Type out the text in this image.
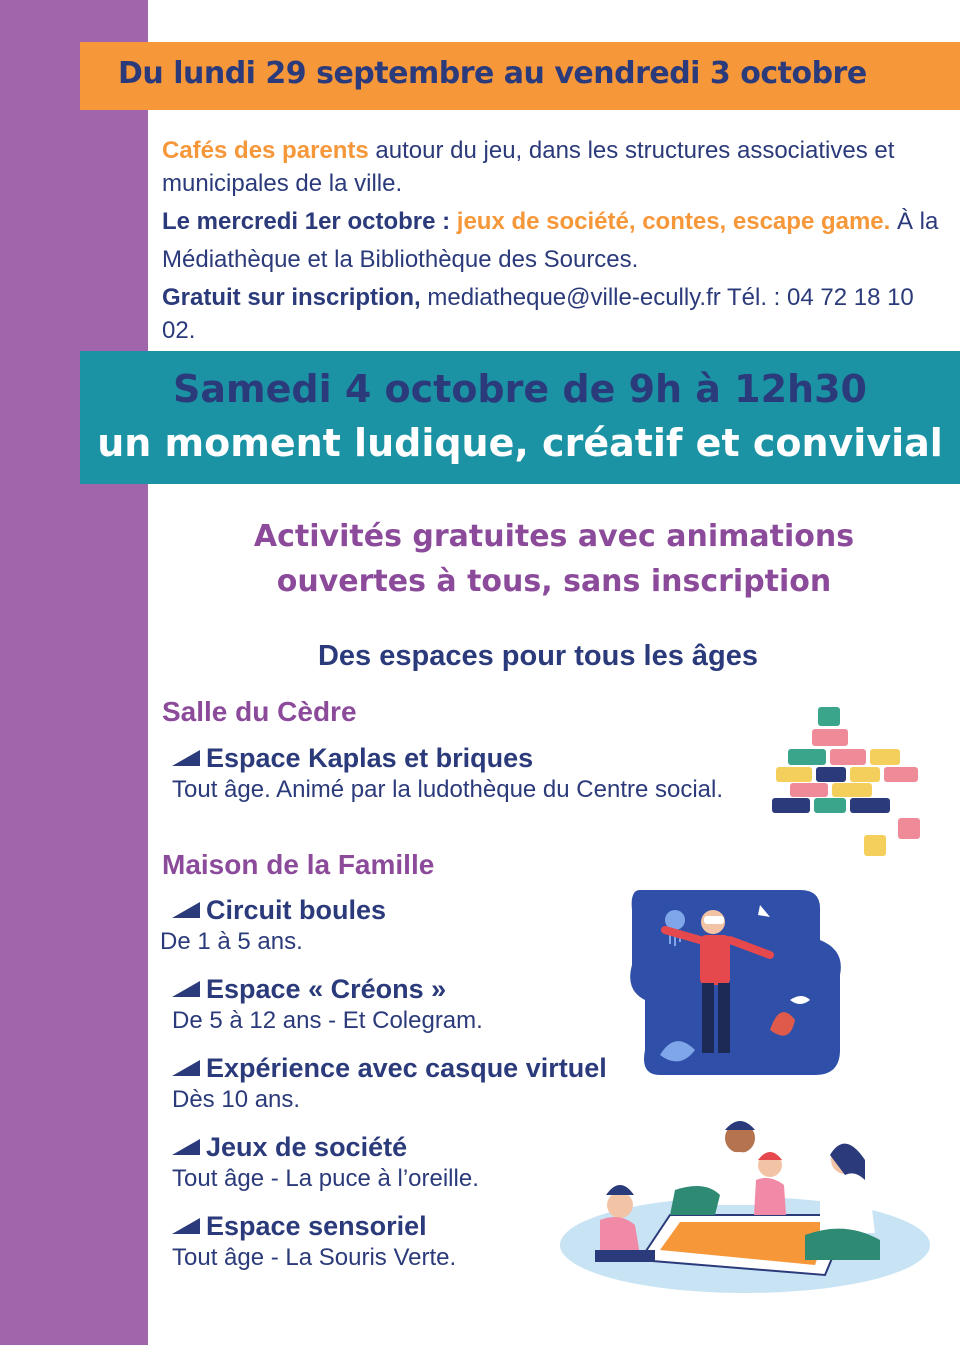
Du lundi 29 septembre au vendredi 3 octobre

Cafés des parents autour du jeu, dans les structures associatives et municipales de la ville.

Le mercredi 1er octobre : jeux de société, contes, escape game. À la Médiathèque et la Bibliothèque des Sources.

Gratuit sur inscription, mediatheque@ville-ecully.fr Tél. : 04 72 18 10 02.

Samedi 4 octobre de 9h à 12h30
un moment ludique, créatif et convivial
Activités gratuites avec animations
ouvertes à tous, sans inscription
Des espaces pour tous les âges
Salle du Cèdre
Espace Kaplas et briques
Tout âge. Animé par la ludothèque du Centre social.
Maison de la Famille
Circuit boules
De 1 à 5 ans.
Espace « Créons »
De 5 à 12 ans - Et Colegram.
Expérience avec casque virtuel
Dès 10 ans.
Jeux de société
Tout âge - La puce à l’oreille.
Espace sensoriel
Tout âge - La Souris Verte.
